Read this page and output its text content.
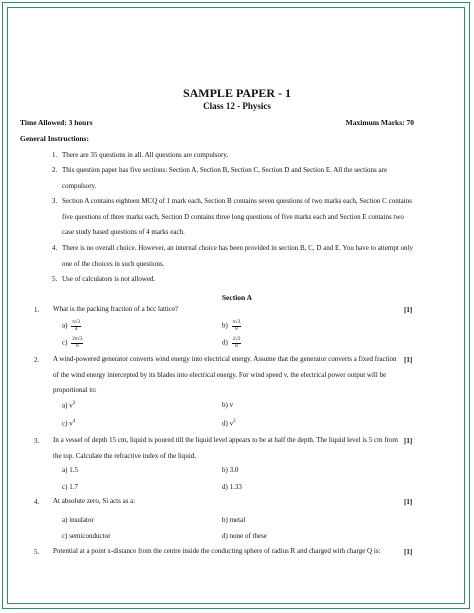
SAMPLE PAPER - 1
Class 12 - Physics
Time Allowed: 3 hours	Maximum Marks: 70
General Instructions:
1. There are 35 questions in all. All questions are compulsory.
2. This question paper has five sections: Section A, Section B, Section C, Section D and Section E. All the sections are compulsory.
3. Section A contains eighteen MCQ of 1 mark each, Section B contains seven questions of two marks each, Section C contains five questions of three marks each, Section D contains three long questions of five marks each and Section E contains two case study based questions of 4 marks each.
4. There is no overall choice. However, an internal choice has been provided in section B, C, D and E. You have to attempt only one of the choices in such questions.
5. Use of calculators is not allowed.
Section A
1. What is the packing fraction of a bcc lattice?	[1]
$a) \frac{\pi√3}{4}$	$b) \frac{\pi√3}{8}$
$c) \frac{2\pi√3}{8}$	$d) \frac{2√3}{8}$
2. A wind-powered generator converts wind energy into electrical energy. Assume that the generator converts a fixed fraction of the wind energy intercepted by its blades into electrical energy. For wind speed v, the electrical power output will be proportional to:
[1]
a) $v^3$	b) v
c) $v^4$	d) $v^2$
3. In a vessel of depth 15 cm, liquid is poured till the liquid level appears to be at half the depth. The liquid level is 5 cm from the top. Calculate the refractive index of the liquid,
[1]
a) 1.5	b) 3.0
c) 1.7	d) 1.33
4. At absolute zero, Si acts as a:	[1]
a) insulator	b) metal
c) semiconductor	d) none of these
5. Potential at a point x-distance from the centre inside the conducting sphere of radius R and charged with charge Q is:	[1]
